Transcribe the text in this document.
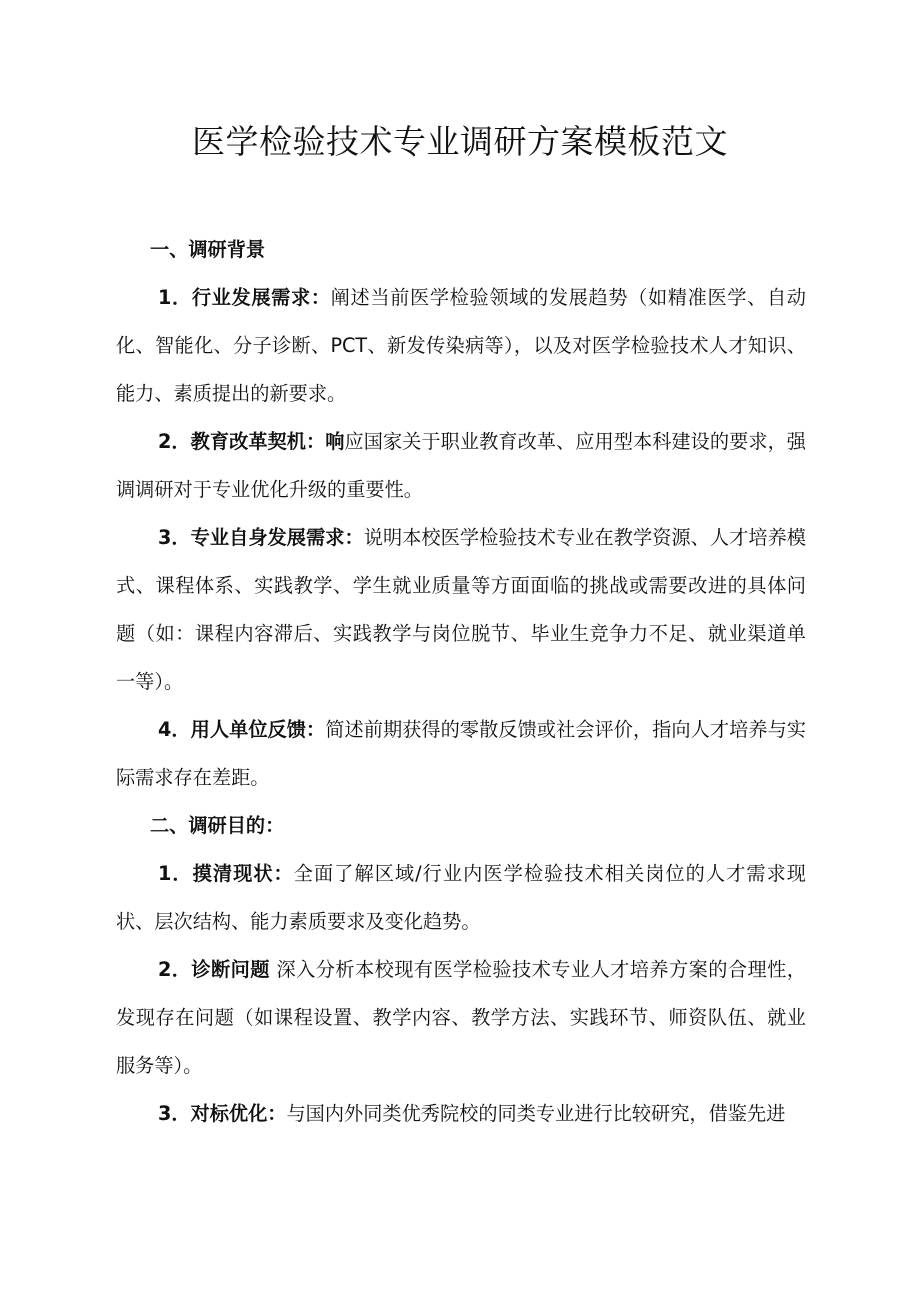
医学检验技术专业调研方案模板范文
一、调研背景

1．行业发展需求：阐述当前医学检验领域的发展趋势（如精准医学、自动化、智能化、分子诊断、PCT、新发传染病等），以及对医学检验技术人才知识、能力、素质提出的新要求。

2．教育改革契机：响应国家关于职业教育改革、应用型本科建设的要求，强调调研对于专业优化升级的重要性。

3．专业自身发展需求：说明本校医学检验技术专业在教学资源、人才培养模式、课程体系、实践教学、学生就业质量等方面面临的挑战或需要改进的具体问题（如：课程内容滞后、实践教学与岗位脱节、毕业生竞争力不足、就业渠道单一等）。

4．用人单位反馈：简述前期获得的零散反馈或社会评价，指向人才培养与实际需求存在差距。

二、调研目的：

1．摸清现状：全面了解区域/行业内医学检验技术相关岗位的人才需求现状、层次结构、能力素质要求及变化趋势。

2．诊断问题 深入分析本校现有医学检验技术专业人才培养方案的合理性，发现存在问题（如课程设置、教学内容、教学方法、实践环节、师资队伍、就业服务等）。

3．对标优化：与国内外同类优秀院校的同类专业进行比较研究，借鉴先进
